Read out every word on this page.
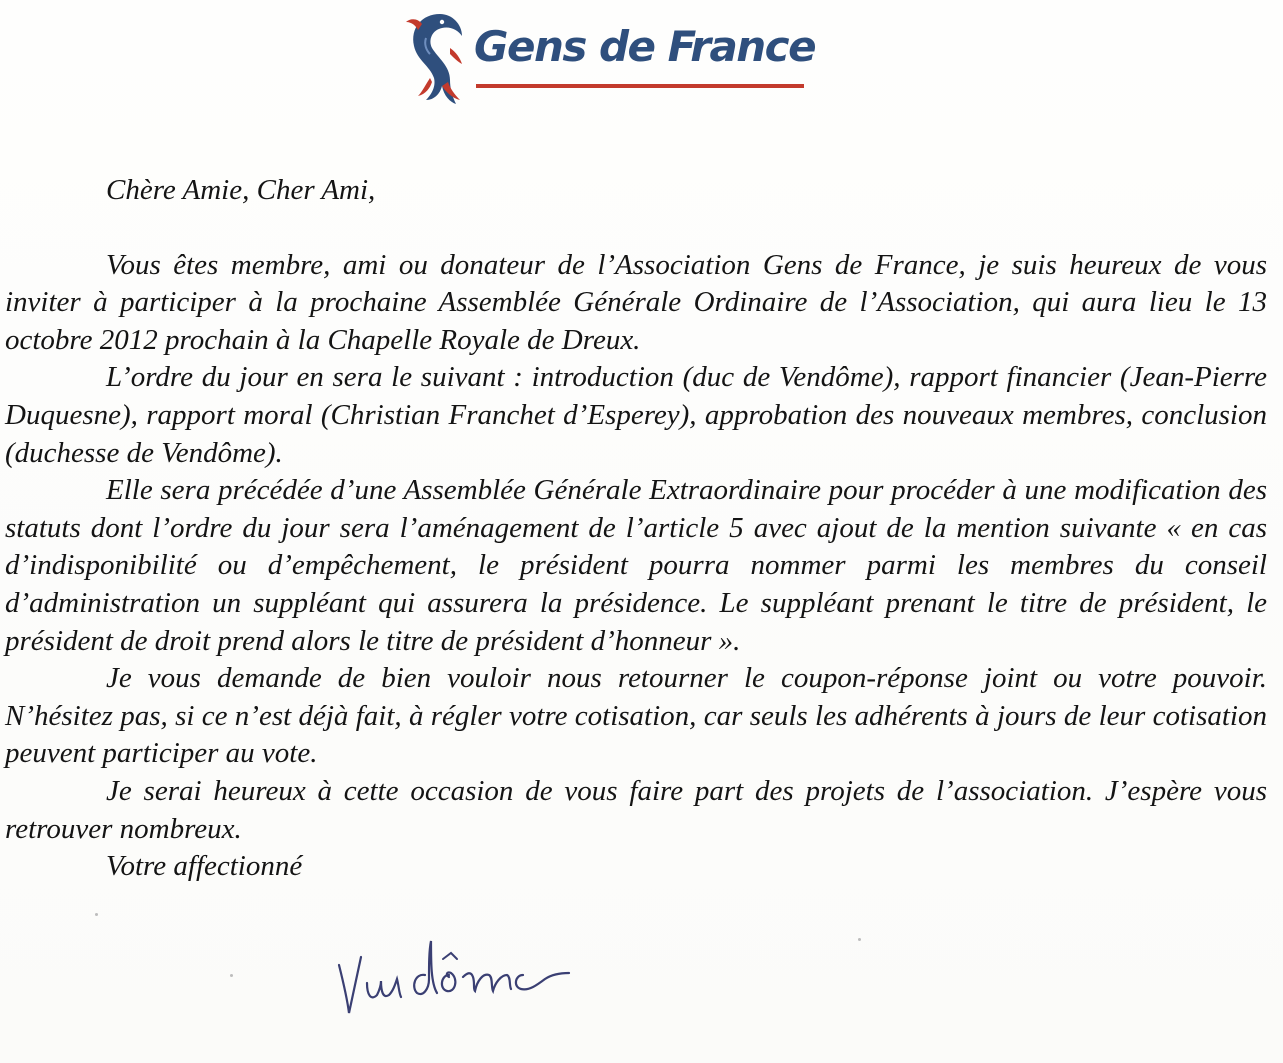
Gens de France

Chère Amie, Cher Ami,

Vous êtes membre, ami ou donateur de l’Association Gens de France, je suis heureux de vous inviter à participer à la prochaine Assemblée Générale Ordinaire de l’Association, qui aura lieu le 13 octobre 2012 prochain à la Chapelle Royale de Dreux.

L’ordre du jour en sera le suivant : introduction (duc de Vendôme), rapport financier (Jean-Pierre Duquesne), rapport moral (Christian Franchet d’Esperey), approbation des nouveaux membres, conclusion (duchesse de Vendôme).

Elle sera précédée d’une Assemblée Générale Extraordinaire pour procéder à une modification des statuts dont l’ordre du jour sera l’aménagement de l’article 5 avec ajout de la mention suivante « en cas d’indisponibilité ou d’empêchement, le président pourra nommer parmi les membres du conseil d’administration un suppléant qui assurera la présidence. Le suppléant prenant le titre de président, le président de droit prend alors le titre de président d’honneur ».

Je vous demande de bien vouloir nous retourner le coupon-réponse joint ou votre pouvoir. N’hésitez pas, si ce n’est déjà fait, à régler votre cotisation, car seuls les adhérents à jours de leur cotisation peuvent participer au vote.

Je serai heureux à cette occasion de vous faire part des projets de l’association. J’espère vous retrouver nombreux.

Votre affectionné
